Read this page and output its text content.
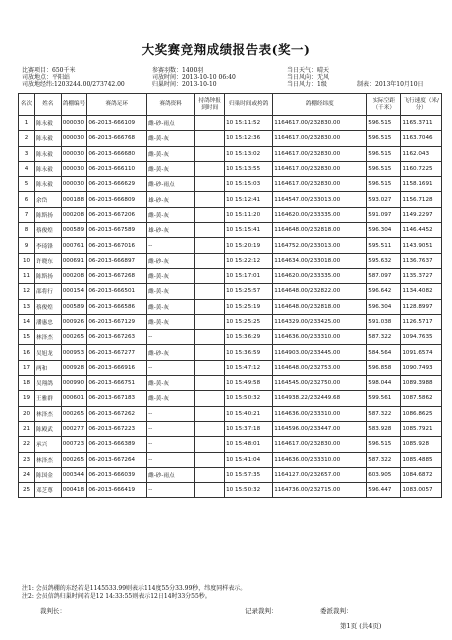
大奖赛竞翔成绩报告表(奖一)
比赛项目：650千米	参赛羽数：1400羽	当日天气：晴天
司放地点：平阳站	司放时间：2013-10-10 06:40	当日风向：无风
司放地经纬:1203244.00/273742.00	归巢时间：2013-10-10	当日风力：1级	制表：2013年10月10日
名次	姓名	鸽棚编号	赛鸽足环	赛鸽资料	持鸽钟报到时间	归巢时间或挎鸽	鸽棚经纬度	实际空距（千米）	飞行速度（米/分）
1	陈永毅	000030	06-2013-666109	雌-砂-雨点		10 15:11:52	1164617.00/232830.00	596.515	1165.3711
2	陈永毅	000030	06-2013-666768	雌-黄-灰		10 15:12:36	1164617.00/232830.00	596.515	1163.7046
3	陈永毅	000030	06-2013-666680	雌-黄-灰		10 15:13:02	1164617.00/232830.00	596.515	1162.043
4	陈永毅	000030	06-2013-666110	雌-黄-灰		10 15:13:55	1164617.00/232830.00	596.515	1160.7225
5	陈永毅	000030	06-2013-666629	雌-砂-雨点		10 15:15:03	1164617.00/232830.00	596.515	1158.1691
6	余岱	000188	06-2013-666809	雄-砂-灰		10 15:12:41	1164547.00/233013.00	593.027	1156.7128
7	陈斯扬	000208	06-2013-667206	雌-黄-灰		10 15:11:20	1164620.00/233335.00	591.097	1149.2297
8	蔡俊煌	000589	06-2013-667589	雄-砂-灰		10 15:15:41	1164648.00/232818.00	596.304	1146.4452
9	李琦锋	000761	06-2013-667016	--		10 15:20:19	1164752.00/233013.00	595.511	1143.9051
10	许晓东	000691	06-2013-666897	雌-砂-灰		10 15:22:12	1164634.00/233018.00	595.632	1136.7637
11	陈斯扬	000208	06-2013-667268	雌-黄-灰		10 15:17:01	1164620.00/233335.00	587.097	1135.3727
12	邵将行	000154	06-2013-666501	雌-黄-灰		10 15:25:57	1164648.00/232822.00	596.642	1134.4082
13	蔡俊煌	000589	06-2013-666586	雌-黄-灰		10 15:25:19	1164648.00/232818.00	596.304	1128.8997
14	潘惠忠	000926	06-2013-667129	雌-黄-灰		10 15:25:25	1164329.00/233425.00	591.038	1126.5717
15	林泽杰	000265	06-2013-667263	--		10 15:36:29	1164636.00/233310.00	587.322	1094.7635
16	吴旭龙	000953	06-2013-667277	雌-砂-灰		10 15:36:59	1164903.00/233445.00	584.564	1091.6574
17	两和	000928	06-2013-666916	--		10 15:47:12	1164648.00/232753.00	596.858	1090.7493
18	吴翔鸽	000990	06-2013-666751	雌-黄-灰		10 15:49:58	1164545.00/232750.00	598.044	1089.3988
19	王雅群	000601	06-2013-667183	雌-黄-灰		10 15:50:32	1164938.22/232449.68	599.561	1087.5862
20	林泽杰	000265	06-2013-667262	--		10 15:40:21	1164636.00/233310.00	587.322	1086.8625
21	陈殿武	000277	06-2013-667223	--		10 15:37:18	1164596.00/233447.00	583.928	1085.7921
22	承兴	000723	06-2013-666389	--		10 15:48:01	1164617.00/232830.00	596.515	1085.928
23	林泽杰	000265	06-2013-667264	--		10 15:41:04	1164636.00/233310.00	587.322	1085.4885
24	陈国金	000344	06-2013-666039	雌-砂-雨点		10 15:57:35	1164127.00/232657.00	603.905	1084.6872
25	邓芝尊	000418	06-2013-666419	--		10 15:50:32	1164736.00/232715.00	596.447	1083.0057
注1: 会员鸽棚的东经若是1145533.99则表示114度55分33.99秒，纬度同样表示。
注2: 会员信鸽归巢时间若是12 14:33:55则表示12日14时33分55秒。
裁判长：	记录裁判：	委派裁判：
第1页 (共4页)
